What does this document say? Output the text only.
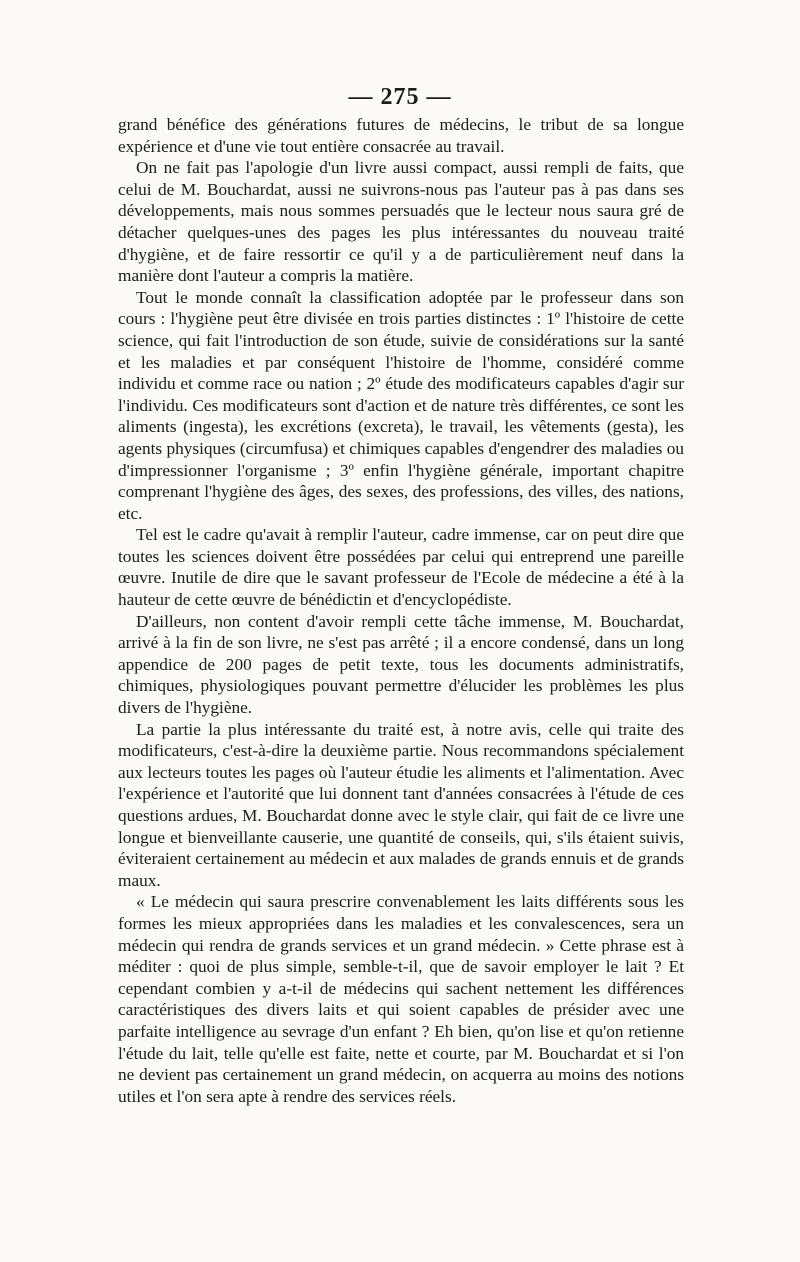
— 275 —

grand bénéfice des générations futures de médecins, le tribut de sa longue expérience et d'une vie tout entière consacrée au travail.

On ne fait pas l'apologie d'un livre aussi compact, aussi rempli de faits, que celui de M. Bouchardat, aussi ne suivrons-nous pas l'auteur pas à pas dans ses développements, mais nous sommes persuadés que le lecteur nous saura gré de détacher quelques-unes des pages les plus intéressantes du nouveau traité d'hygiène, et de faire ressortir ce qu'il y a de particulièrement neuf dans la manière dont l'auteur a compris la matière.

Tout le monde connaît la classification adoptée par le professeur dans son cours : l'hygiène peut être divisée en trois parties distinctes : 1º l'histoire de cette science, qui fait l'introduction de son étude, suivie de considérations sur la santé et les maladies et par conséquent l'histoire de l'homme, considéré comme individu et comme race ou nation ; 2º étude des modificateurs capables d'agir sur l'individu. Ces modificateurs sont d'action et de nature très différentes, ce sont les aliments (ingesta), les excrétions (excreta), le travail, les vêtements (gesta), les agents physiques (circumfusa) et chimiques capables d'engendrer des maladies ou d'impressionner l'organisme ; 3º enfin l'hygiène générale, important chapitre comprenant l'hygiène des âges, des sexes, des professions, des villes, des nations, etc.

Tel est le cadre qu'avait à remplir l'auteur, cadre immense, car on peut dire que toutes les sciences doivent être possédées par celui qui entreprend une pareille œuvre. Inutile de dire que le savant professeur de l'Ecole de médecine a été à la hauteur de cette œuvre de bénédictin et d'encyclopédiste.

D'ailleurs, non content d'avoir rempli cette tâche immense, M. Bouchardat, arrivé à la fin de son livre, ne s'est pas arrêté ; il a encore condensé, dans un long appendice de 200 pages de petit texte, tous les documents administratifs, chimiques, physiologiques pouvant permettre d'élucider les problèmes les plus divers de l'hygiène.

La partie la plus intéressante du traité est, à notre avis, celle qui traite des modificateurs, c'est-à-dire la deuxième partie. Nous recommandons spécialement aux lecteurs toutes les pages où l'auteur étudie les aliments et l'alimentation. Avec l'expérience et l'autorité que lui donnent tant d'années consacrées à l'étude de ces questions ardues, M. Bouchardat donne avec le style clair, qui fait de ce livre une longue et bienveillante causerie, une quantité de conseils, qui, s'ils étaient suivis, éviteraient certainement au médecin et aux malades de grands ennuis et de grands maux.

« Le médecin qui saura prescrire convenablement les laits différents sous les formes les mieux appropriées dans les maladies et les convalescences, sera un médecin qui rendra de grands services et un grand médecin. » Cette phrase est à méditer : quoi de plus simple, semble-t-il, que de savoir employer le lait ? Et cependant combien y a-t-il de médecins qui sachent nettement les différences caractéristiques des divers laits et qui soient capables de présider avec une parfaite intelligence au sevrage d'un enfant ? Eh bien, qu'on lise et qu'on retienne l'étude du lait, telle qu'elle est faite, nette et courte, par M. Bouchardat et si l'on ne devient pas certainement un grand médecin, on acquerra au moins des notions utiles et l'on sera apte à rendre des services réels.
